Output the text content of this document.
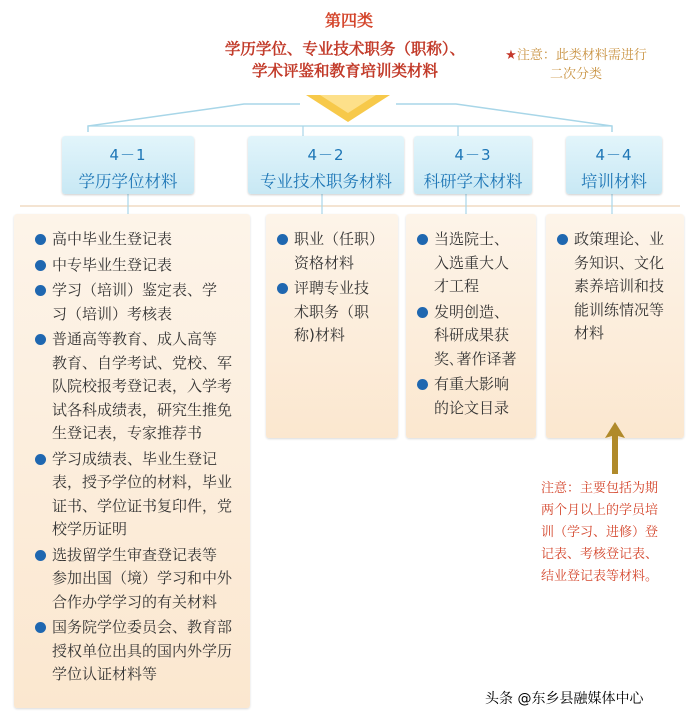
第四类
学历学位、专业技术职务（职称）、
学术评鉴和教育培训类材料
★注意：此类材料需进行
二次分类
4－1
学历学位材料
4－2
专业技术职务材料
4－3
科研学术材料
4－4
培训材料
高中毕业生登记表
中专毕业生登记表
学习（培训）鉴定表、学
习（培训）考核表
普通高等教育、成人高等
教育、自学考试、党校、军
队院校报考登记表，入学考
试各科成绩表，研究生推免
生登记表，专家推荐书
学习成绩表、毕业生登记
表，授予学位的材料，毕业
证书、学位证书复印件，党
校学历证明
选拔留学生审查登记表等
参加出国（境）学习和中外
合作办学学习的有关材料
国务院学位委员会、教育部
授权单位出具的国内外学历
学位认证材料等
职业（任职）
资格材料
评聘专业技
术职务（职
称)材料
当选院士、
入选重大人
才工程
发明创造、
科研成果获
奖､著作译著
有重大影响
的论文目录
政策理论、业
务知识、文化
素养培训和技
能训练情况等
材料
注意：主要包括为期
两个月以上的学员培
训（学习、进修）登
记表、考核登记表、
结业登记表等材料。
头条 @东乡县融媒体中心
